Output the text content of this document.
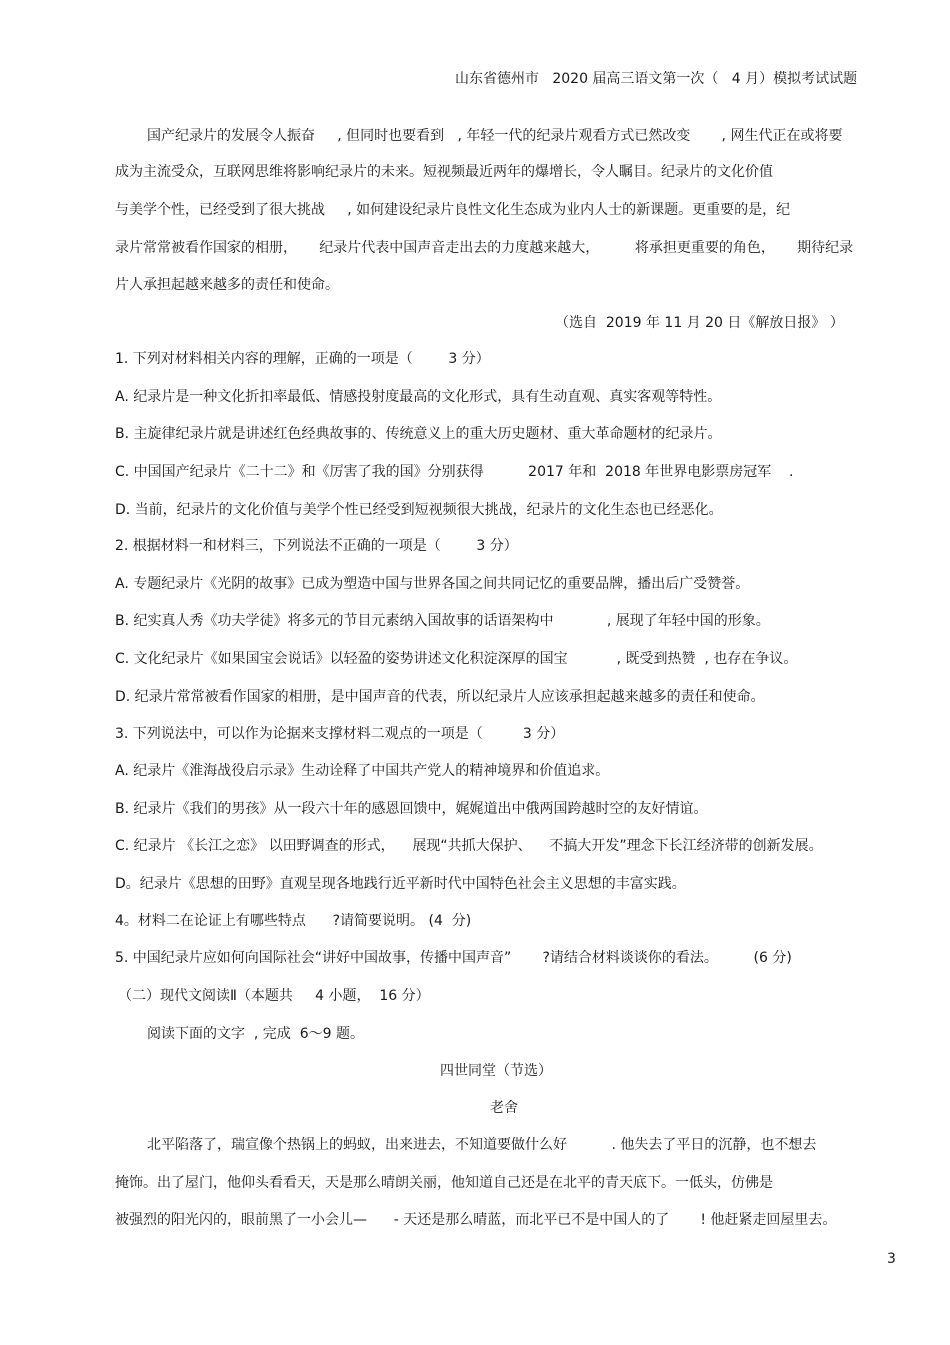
山东省德州市   2020 届高三语文第一次（   4 月）模拟考试试题
国产纪录片的发展令人振奋     , 但同时也要看到   , 年轻一代的纪录片观看方式已然改变       , 网生代正在或将要
成为主流受众，互联网思维将影响纪录片的未来。短视频最近两年的爆增长，令人瞩目。纪录片的文化价值
与美学个性，已经受到了很大挑战     , 如何建设纪录片良性文化生态成为业内人士的新课题。更重要的是，纪
录片常常被看作国家的相册，     纪录片代表中国声音走出去的力度越来越大，        将承担更重要的角色，     期待纪录
片人承担起越来越多的责任和使命。
（选自  2019 年 11 月 20 日《解放日报》 ）
1. 下列对材料相关内容的理解，正确的一项是（        3 分）
A. 纪录片是一种文化折扣率最低、情感投射度最高的文化形式，具有生动直观、真实客观等特性。
B. 主旋律纪录片就是讲述红色经典故事的、传统意义上的重大历史题材、重大革命题材的纪录片。
C. 中国国产纪录片《二十二》和《厉害了我的国》分别获得          2017 年和  2018 年世界电影票房冠军    .
D. 当前，纪录片的文化价值与美学个性已经受到短视频很大挑战，纪录片的文化生态也已经恶化。
2. 根据材料一和材料三，下列说法不正确的一项是（        3 分）
A. 专题纪录片《光阴的故事》已成为塑造中国与世界各国之间共同记忆的重要品牌，播出后广受赞誉。
B. 纪实真人秀《功夫学徒》将多元的节目元素纳入国故事的话语架构中            , 展现了年轻中国的形象。
C. 文化纪录片《如果国宝会说话》以轻盈的姿势讲述文化积淀深厚的国宝           , 既受到热赞  , 也存在争议。
D. 纪录片常常被看作国家的相册，是中国声音的代表，所以纪录片人应该承担起越来越多的责任和使命。
3. 下列说法中，可以作为论据来支撑材料二观点的一项是（         3 分）
A. 纪录片《淮海战役启示录》生动诠释了中国共产党人的精神境界和价值追求。
B. 纪录片《我们的男孩》从一段六十年的感恩回馈中，娓娓道出中俄两国跨越时空的友好情谊。
C. 纪录片 《长江之恋》 以田野调查的形式，    展现“共抓大保护、    不搞大开发”理念下长江经济带的创新发展。
D。纪录片《思想的田野》直观呈现各地践行近平新时代中国特色社会主义思想的丰富实践。
4。材料二在论证上有哪些特点      ?请简要说明。 (4  分)
5. 中国纪录片应如何向国际社会“讲好中国故事，传播中国声音”       ?请结合材料谈谈你的看法。        (6 分)
（二）现代文阅读Ⅱ（本题共     4 小题，  16 分）
阅读下面的文字  , 完成  6～9 题。
四世同堂（节选）
老舍
北平陷落了，瑞宣像个热锅上的蚂蚁，出来进去，不知道要做什么好          . 他失去了平日的沉静，也不想去
掩饰。出了屋门，他仰头看看天，天是那么晴朗关丽，他知道自己还是在北平的青天底下。一低头，仿佛是
被强烈的阳光闪的，眼前黑了一小会儿—      - 天还是那么晴蓝，而北平已不是中国人的了       ! 他赶紧走回屋里去。
3
